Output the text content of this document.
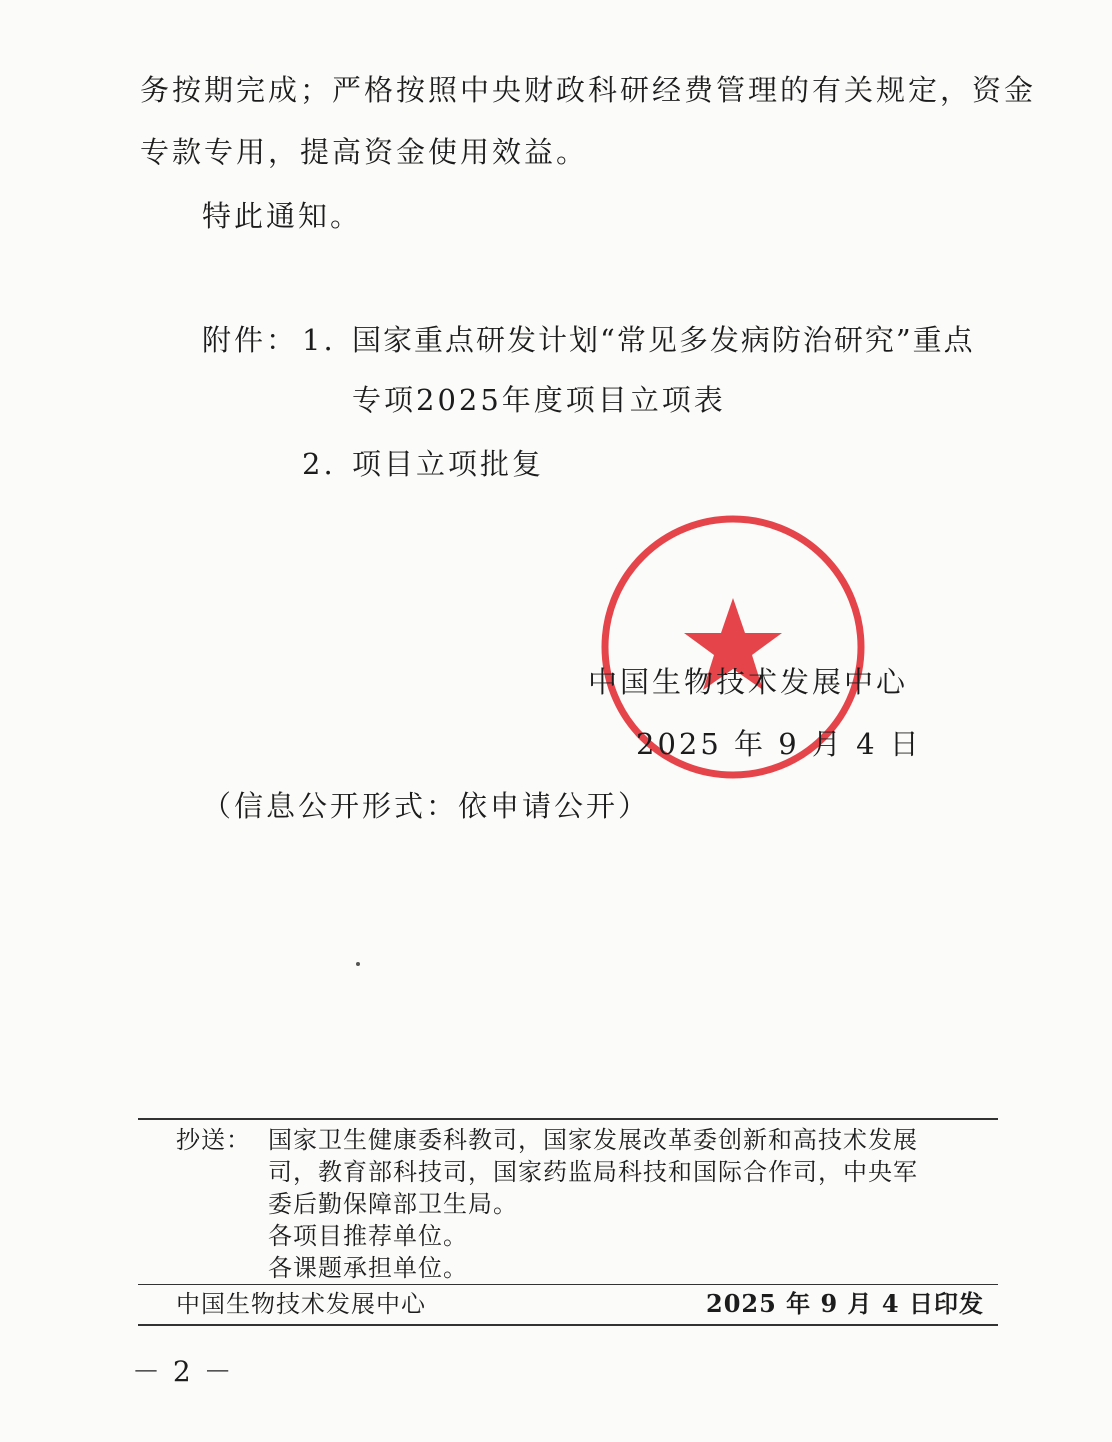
务按期完成；严格按照中央财政科研经费管理的有关规定，资金
专款专用，提高资金使用效益。
特此通知。
附件： 1. 国家重点研发计划“常见多发病防治研究”重点
专项2025年度项目立项表
2. 项目立项批复
中国生物技术发展中心
2025 年 9 月 4 日
（信息公开形式：依申请公开）
抄送： 国家卫生健康委科教司，国家发展改革委创新和高技术发展
司，教育部科技司，国家药监局科技和国际合作司，中央军
委后勤保障部卫生局。
各项目推荐单位。
各课题承担单位。
中国生物技术发展中心	2025 年 9 月 4 日印发
－ 2 －
